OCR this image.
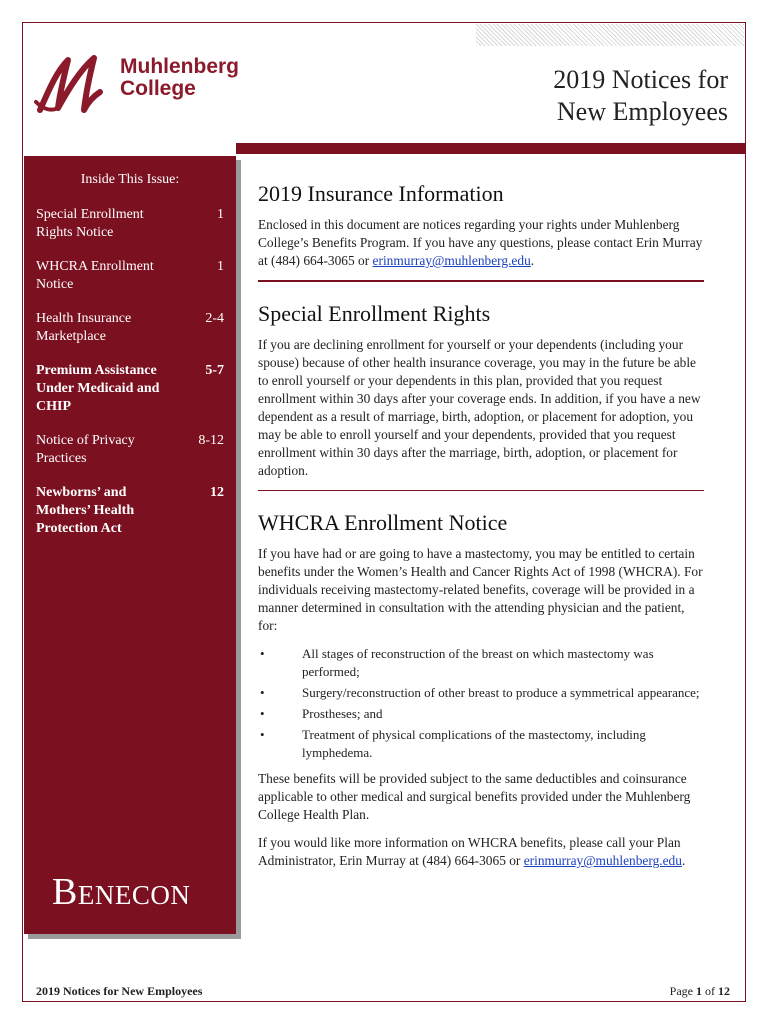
Muhlenberg
College	2019 Notices for
New Employees
Inside This Issue:
Special Enrollment Rights Notice
1
WHCRA Enrollment Notice
1
Health Insurance Marketplace
2-4
Premium Assistance Under Medicaid and CHIP
5-7
Notice of Privacy Practices
8-12
Newborns’ and Mothers’ Health Protection Act
12
Benecon
2019 Insurance Information

Enclosed in this document are notices regarding your rights under Muhlenberg College’s Benefits Program. If you have any questions, please contact Erin Murray at (484) 664-3065 or erinmurray@muhlenberg.edu.

Special Enrollment Rights

If you are declining enrollment for yourself or your dependents (including your spouse) because of other health insurance coverage, you may in the future be able to enroll yourself or your dependents in this plan, provided that you request enrollment within 30 days after your coverage ends. In addition, if you have a new dependent as a result of marriage, birth, adoption, or placement for adoption, you may be able to enroll yourself and your dependents, provided that you request enrollment within 30 days after the marriage, birth, adoption, or placement for adoption.

WHCRA Enrollment Notice

If you have had or are going to have a mastectomy, you may be entitled to certain benefits under the Women’s Health and Cancer Rights Act of 1998 (WHCRA). For individuals receiving mastectomy-related benefits, coverage will be provided in a manner determined in consultation with the attending physician and the patient, for:

• All stages of reconstruction of the breast on which mastectomy was performed;
• Surgery/reconstruction of other breast to produce a symmetrical appearance;
• Prostheses; and
• Treatment of physical complications of the mastectomy, including lymphedema.

These benefits will be provided subject to the same deductibles and coinsurance applicable to other medical and surgical benefits provided under the Muhlenberg College Health Plan.

If you would like more information on WHCRA benefits, please call your Plan Administrator, Erin Murray at (484) 664-3065 or erinmurray@muhlenberg.edu.

2019 Notices for New Employees	Page 1 of 12
